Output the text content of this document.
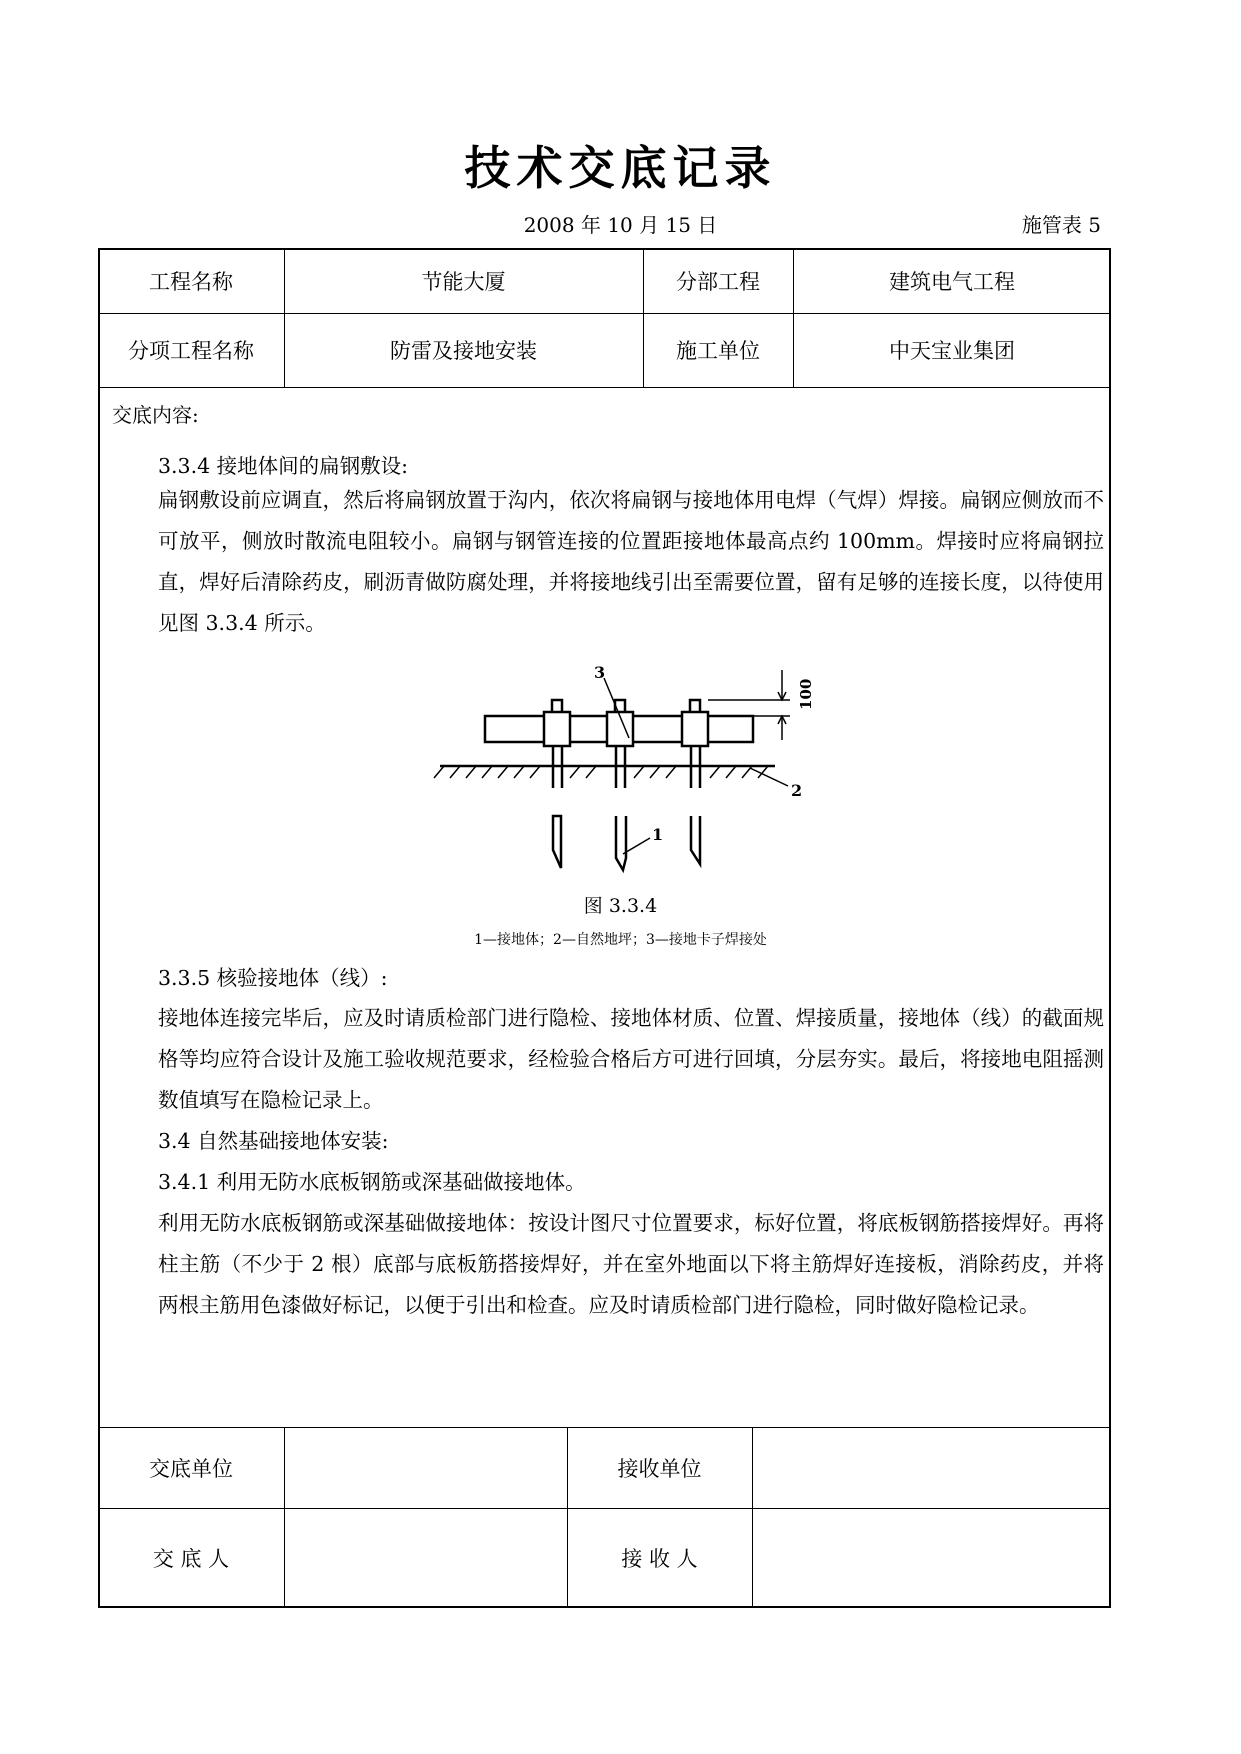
技术交底记录
2008 年 10 月 15 日	施管表 5
工程名称	节能大厦	分部工程	建筑电气工程
分项工程名称	防雷及接地安装	施工单位	中天宝业集团
交底内容:
3.3.4 接地体间的扁钢敷设:
扁钢敷设前应调直，然后将扁钢放置于沟内，依次将扁钢与接地体用电焊（气焊）焊接。扁钢应侧放而不可放平，侧放时散流电阻较小。扁钢与钢管连接的位置距接地体最高点约 100mm。焊接时应将扁钢拉直，焊好后清除药皮，刷沥青做防腐处理，并将接地线引出至需要位置，留有足够的连接长度，以待使用见图 3.3.4 所示。
100
3
2
1
图 3.3.4
1—接地体；2—自然地坪；3—接地卡子焊接处
3.3.5 核验接地体（线）:
接地体连接完毕后，应及时请质检部门进行隐检、接地体材质、位置、焊接质量，接地体（线）的截面规格等均应符合设计及施工验收规范要求，经检验合格后方可进行回填，分层夯实。最后，将接地电阻摇测数值填写在隐检记录上。
3.4 自然基础接地体安装:
3.4.1 利用无防水底板钢筋或深基础做接地体。
利用无防水底板钢筋或深基础做接地体：按设计图尺寸位置要求，标好位置，将底板钢筋搭接焊好。再将柱主筋（不少于 2 根）底部与底板筋搭接焊好，并在室外地面以下将主筋焊好连接板，消除药皮，并将两根主筋用色漆做好标记，以便于引出和检查。应及时请质检部门进行隐检，同时做好隐检记录。
交底单位	接收单位
交 底 人	接 收 人
